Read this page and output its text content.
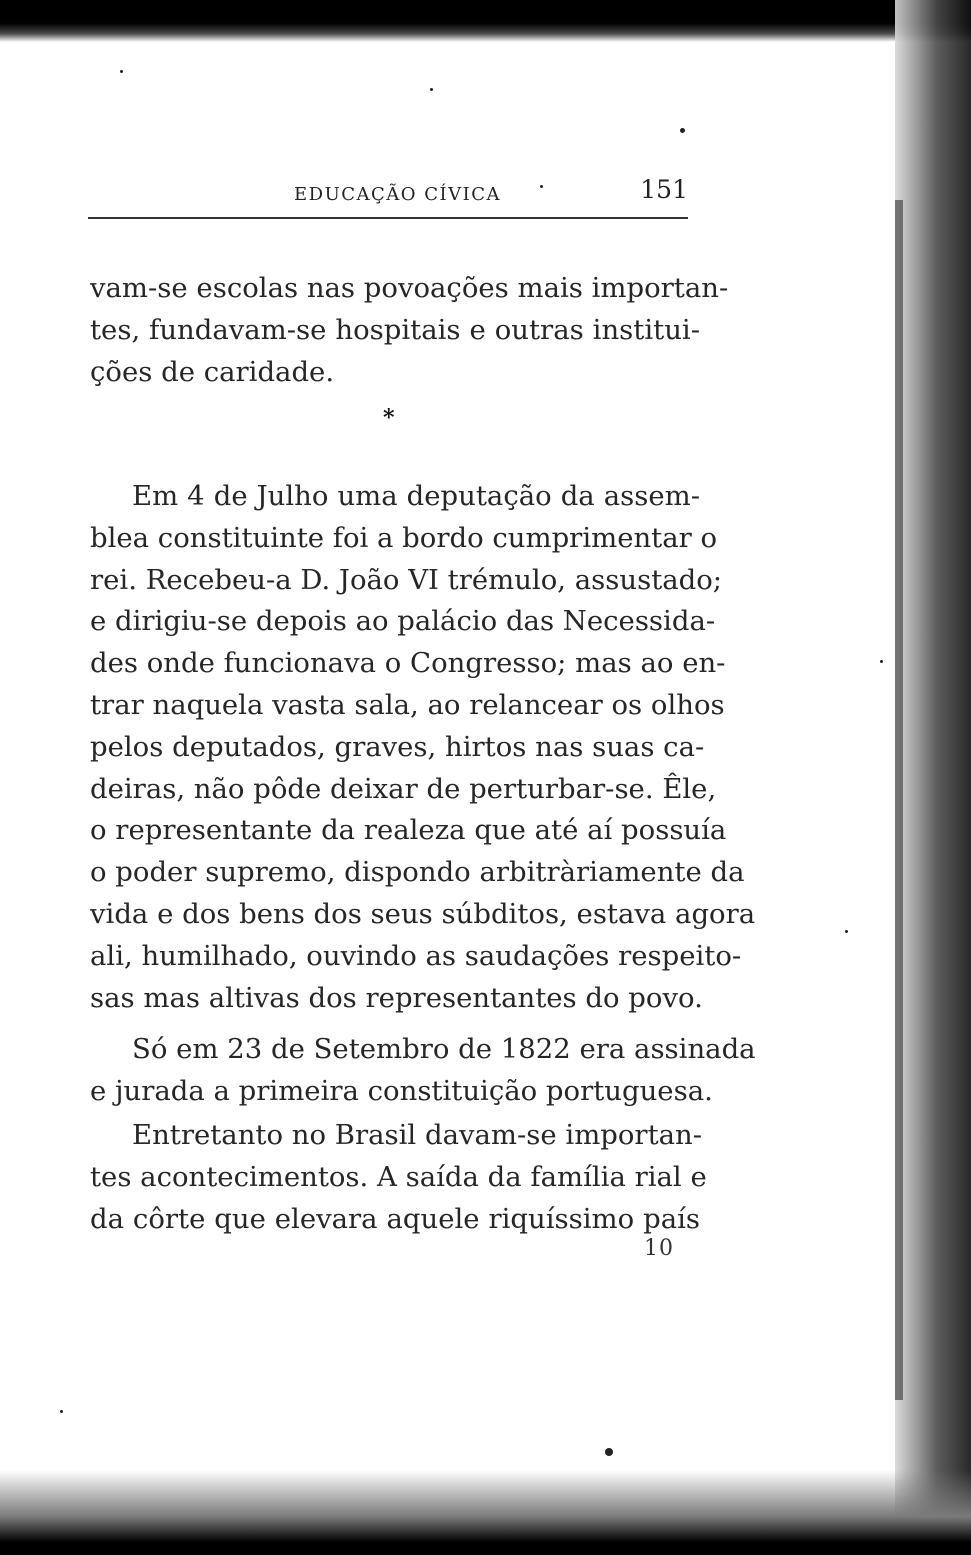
EDUCAÇÃO CÍVICA	151
vam-se escolas nas povoações mais importan-
tes, fundavam-se hospitais e outras institui-
ções de caridade.
*
Em 4 de Julho uma deputação da assem-
blea constituinte foi a bordo cumprimentar o
rei. Recebeu-a D. João VI trémulo, assustado;
e dirigiu-se depois ao palácio das Necessida-
des onde funcionava o Congresso; mas ao en-
trar naquela vasta sala, ao relancear os olhos
pelos deputados, graves, hirtos nas suas ca-
deiras, não pôde deixar de perturbar-se. Êle,
o representante da realeza que até aí possuía
o poder supremo, dispondo arbitràriamente da
vida e dos bens dos seus súbditos, estava agora
ali, humilhado, ouvindo as saudações respeito-
sas mas altivas dos representantes do povo.
Só em 23 de Setembro de 1822 era assinada
e jurada a primeira constituição portuguesa.
Entretanto no Brasil davam-se importan-
tes acontecimentos. A saída da família rial e
da côrte que elevara aquele riquíssimo país
10
